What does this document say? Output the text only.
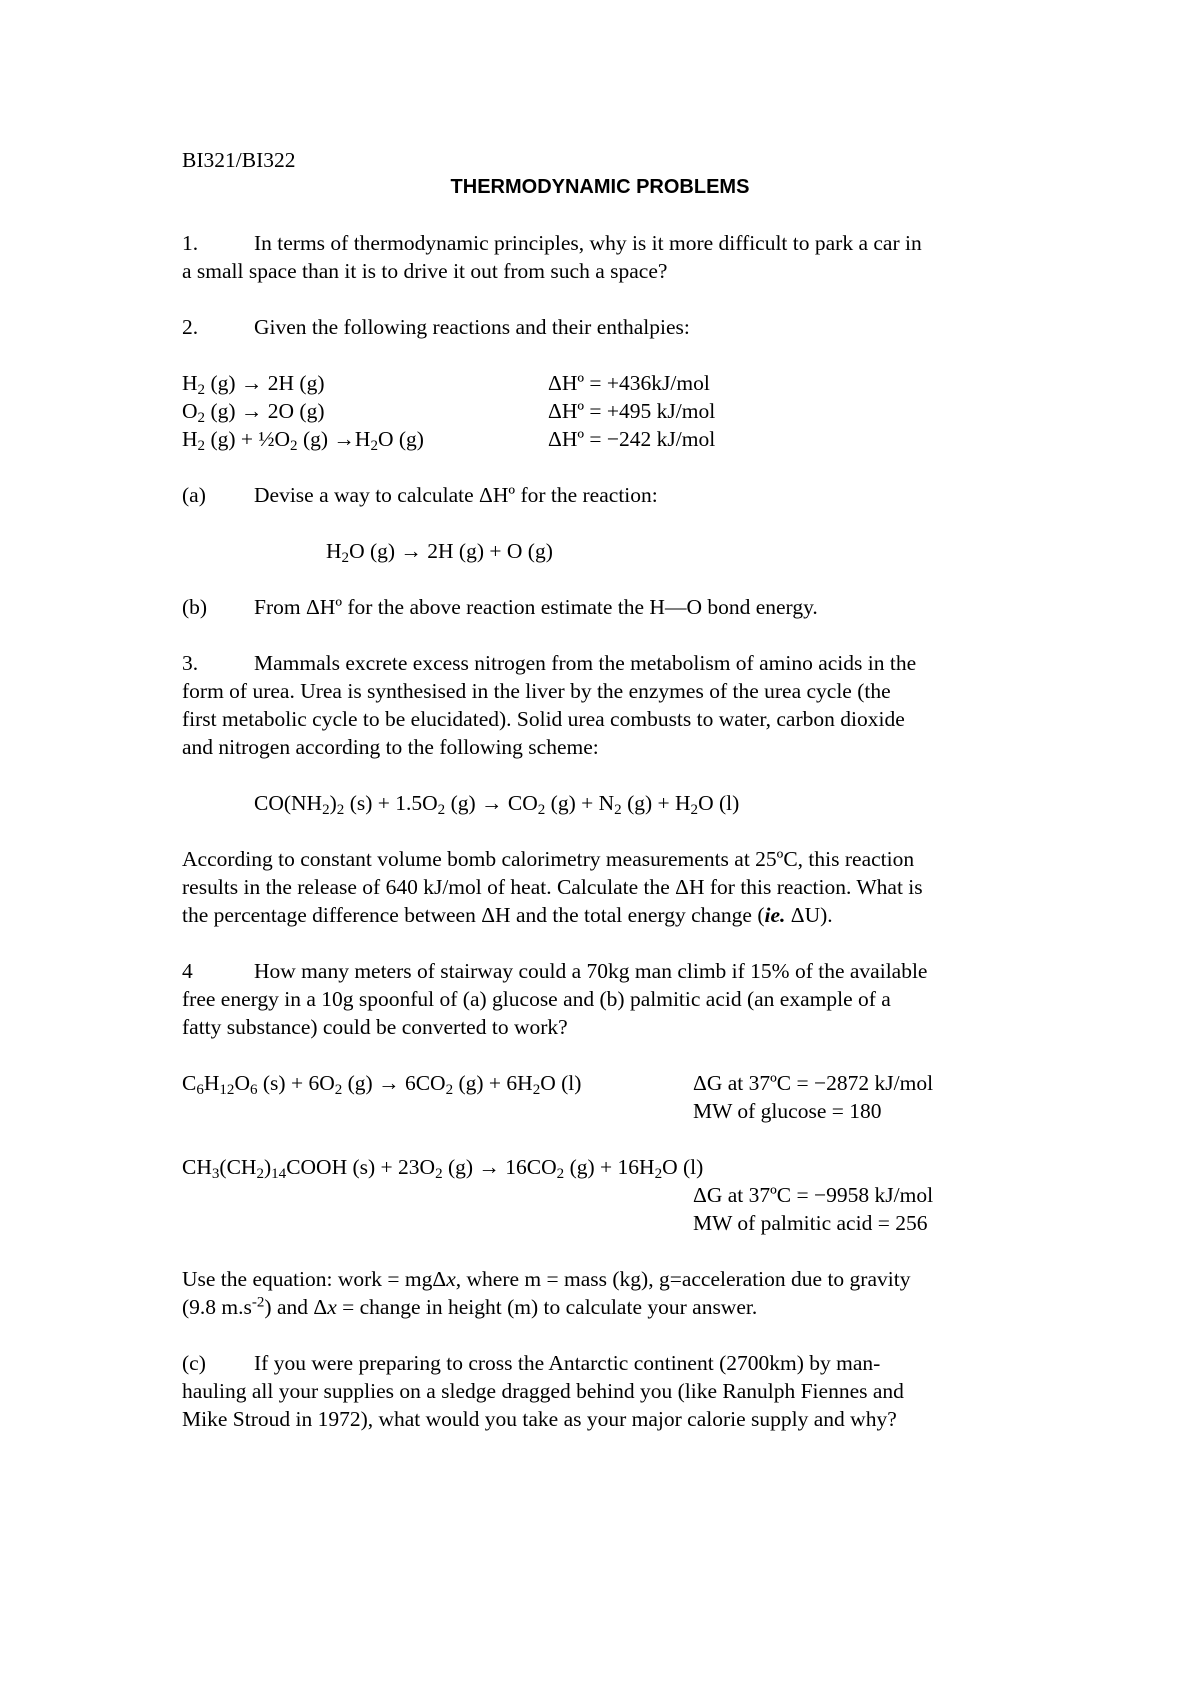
BI321/BI322
THERMODYNAMIC PROBLEMS
1.	In terms of thermodynamic principles, why is it more difficult to park a car in
a small space than it is to drive it out from such a space?
2.	Given the following reactions and their enthalpies:
$H_2$ (g) → 2H (g)	ΔHº = +436kJ/mol
$O_2$ (g) → 2O (g)	ΔHº = +495 kJ/mol
$H_2$ $(g) + \frac{1}{2}O_2$ $(g) \to H_2O$ (g)	ΔHº = −242 kJ/mol
(a) Devise a way to calculate ΔHº for the reaction:
$H_2O$ (g) → 2H (g) + O (g)
(b) From ΔHº for the above reaction estimate the H—O bond energy.
3.	Mammals excrete excess nitrogen from the metabolism of amino acids in the
form of urea. Urea is synthesised in the liver by the enzymes of the urea cycle (the
first metabolic cycle to be elucidated). Solid urea combusts to water, carbon dioxide
and nitrogen according to the following scheme:
$CO(NH_2)_2$ $(s) + 1.5O_2$ $(g) \to CO_2$ $(g) + N_2$ $(g) + H_2O$ (l)
According to constant volume bomb calorimetry measurements at 25ºC, this reaction
results in the release of 640 kJ/mol of heat. Calculate the ΔH for this reaction. What is
the percentage difference between ΔH and the total energy change (ie. ΔU).
4	How many meters of stairway could a 70kg man climb if 15% of the available
free energy in a 10g spoonful of (a) glucose and (b) palmitic acid (an example of a
fatty substance) could be converted to work?
$C_6H_{12}O_6$ $(s) + 6O_2$ $(g) \to 6CO_2$ $(g) + 6H_2O$ (l)	ΔG at 37ºC = −2872 kJ/mol
MW of glucose = 180
$CH_3(CH_2)_{14}COOH$ $(s) + 23O_2$ $(g) \to 16CO_2$ $(g) + 16H_2O$ (l)
ΔG at 37ºC = −9958 kJ/mol
MW of palmitic acid = 256
Use the equation: work = mgΔx, where m = mass (kg), g=acceleration due to gravity
(9.8 $m.s^{-2}$) and Δx = change in height (m) to calculate your answer.
(c) If you were preparing to cross the Antarctic continent (2700km) by man-
hauling all your supplies on a sledge dragged behind you (like Ranulph Fiennes and
Mike Stroud in 1972), what would you take as your major calorie supply and why?
